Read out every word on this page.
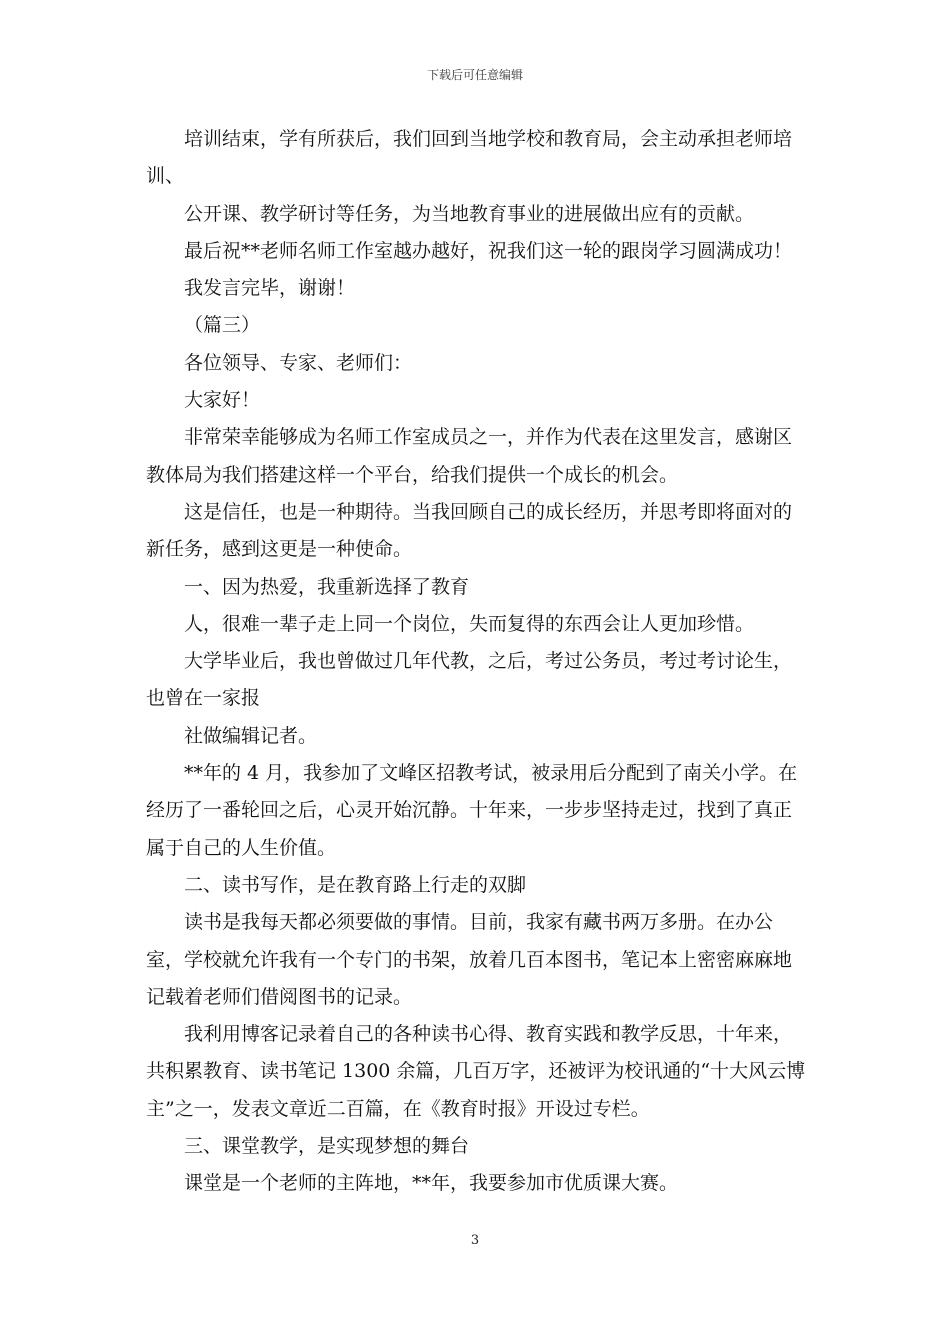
下载后可任意编辑

培训结束，学有所获后，我们回到当地学校和教育局，会主动承担老师培训、

公开课、教学研讨等任务，为当地教育事业的进展做出应有的贡献。

最后祝**老师名师工作室越办越好，祝我们这一轮的跟岗学习圆满成功！

我发言完毕，谢谢！

（篇三）

各位领导、专家、老师们：

大家好！

非常荣幸能够成为名师工作室成员之一，并作为代表在这里发言，感谢区教体局为我们搭建这样一个平台，给我们提供一个成长的机会。

这是信任，也是一种期待。当我回顾自己的成长经历，并思考即将面对的新任务，感到这更是一种使命。

一、因为热爱，我重新选择了教育

人，很难一辈子走上同一个岗位，失而复得的东西会让人更加珍惜。

大学毕业后，我也曾做过几年代教，之后，考过公务员，考过考讨论生，也曾在一家报

社做编辑记者。

**年的 4 月，我参加了文峰区招教考试，被录用后分配到了南关小学。在经历了一番轮回之后，心灵开始沉静。十年来，一步步坚持走过，找到了真正属于自己的人生价值。

二、读书写作，是在教育路上行走的双脚

读书是我每天都必须要做的事情。目前，我家有藏书两万多册。在办公室，学校就允许我有一个专门的书架，放着几百本图书，笔记本上密密麻麻地记载着老师们借阅图书的记录。

我利用博客记录着自己的各种读书心得、教育实践和教学反思，十年来，共积累教育、读书笔记 1300 余篇，几百万字，还被评为校讯通的“十大风云博主”之一，发表文章近二百篇，在《教育时报》开设过专栏。

三、课堂教学，是实现梦想的舞台

课堂是一个老师的主阵地，**年，我要参加市优质课大赛。

3
